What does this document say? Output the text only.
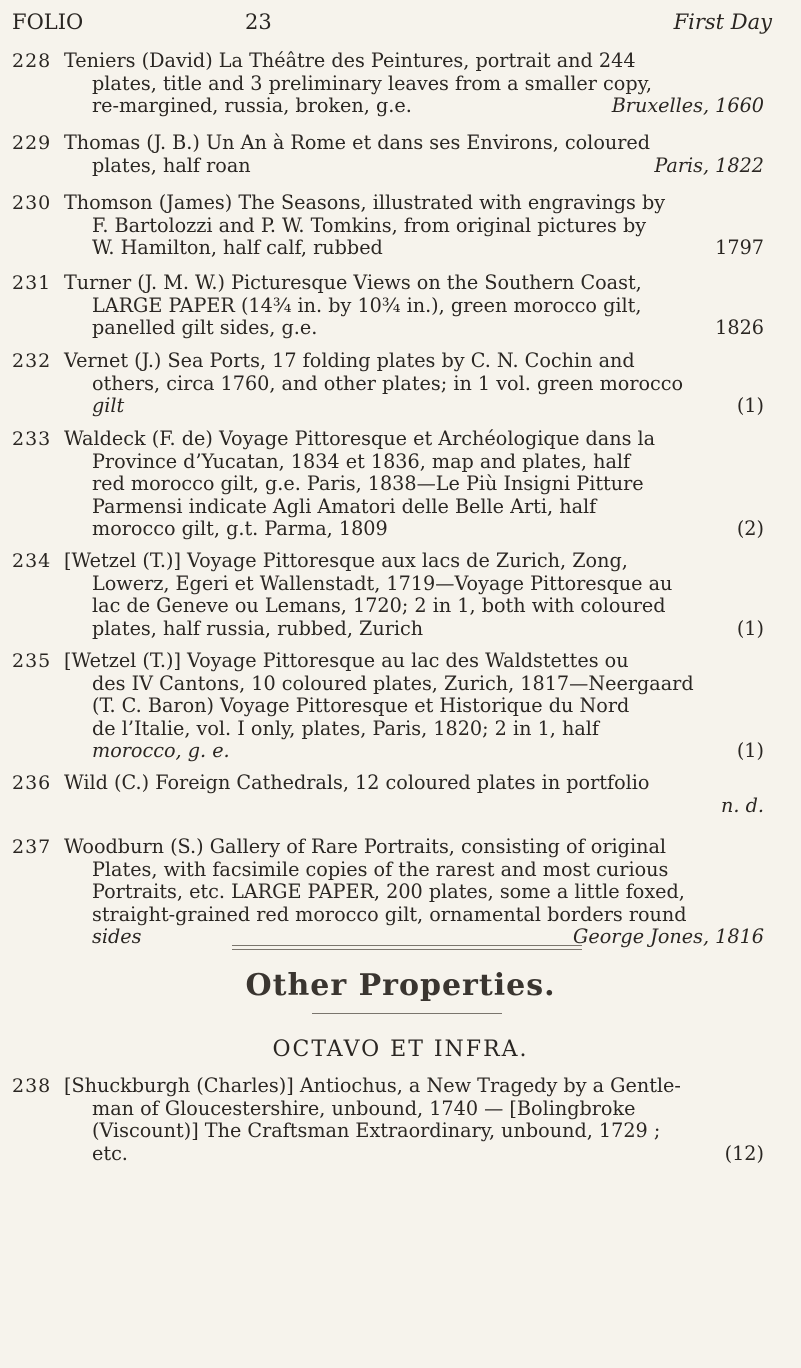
FOLIO	23	First Day
228 Teniers (David) La Théâtre des Peintures, portrait and 244
plates, title and 3 preliminary leaves from a smaller copy,
re-margined, russia, broken, g.e.	Bruxelles, 1660
229 Thomas (J. B.) Un An à Rome et dans ses Environs, coloured
plates, half roan	Paris, 1822
230 Thomson (James) The Seasons, illustrated with engravings by
F. Bartolozzi and P. W. Tomkins, from original pictures by
W. Hamilton, half calf, rubbed	1797
231 Turner (J. M. W.) Picturesque Views on the Southern Coast,
LARGE PAPER (14¾ in. by 10¾ in.), green morocco gilt,
panelled gilt sides, g.e.	1826
232 Vernet (J.) Sea Ports, 17 folding plates by C. N. Cochin and
others, circa 1760, and other plates; in 1 vol. green morocco
gilt	(1)
233 Waldeck (F. de) Voyage Pittoresque et Archéologique dans la
Province d’Yucatan, 1834 et 1836, map and plates, half
red morocco gilt, g.e. Paris, 1838—Le Più Insigni Pitture
Parmensi indicate Agli Amatori delle Belle Arti, half
morocco gilt, g.t. Parma, 1809	(2)
234 [Wetzel (T.)] Voyage Pittoresque aux lacs de Zurich, Zong,
Lowerz, Egeri et Wallenstadt, 1719—Voyage Pittoresque au
lac de Geneve ou Lemans, 1720; 2 in 1, both with coloured
plates, half russia, rubbed, Zurich	(1)
235 [Wetzel (T.)] Voyage Pittoresque au lac des Waldstettes ou
des IV Cantons, 10 coloured plates, Zurich, 1817—Neergaard
(T. C. Baron) Voyage Pittoresque et Historique du Nord
de l’Italie, vol. I only, plates, Paris, 1820; 2 in 1, half
morocco, g. e.	(1)
236 Wild (C.) Foreign Cathedrals, 12 coloured plates in portfolio
n. d.
237 Woodburn (S.) Gallery of Rare Portraits, consisting of original
Plates, with facsimile copies of the rarest and most curious
Portraits, etc. LARGE PAPER, 200 plates, some a little foxed,
straight-grained red morocco gilt, ornamental borders round
sides	George Jones, 1816
Other Properties.
OCTAVO ET INFRA.
238 [Shuckburgh (Charles)] Antiochus, a New Tragedy by a Gentle-
man of Gloucestershire, unbound, 1740 — [Bolingbroke
(Viscount)] The Craftsman Extraordinary, unbound, 1729 ;
etc.	(12)
